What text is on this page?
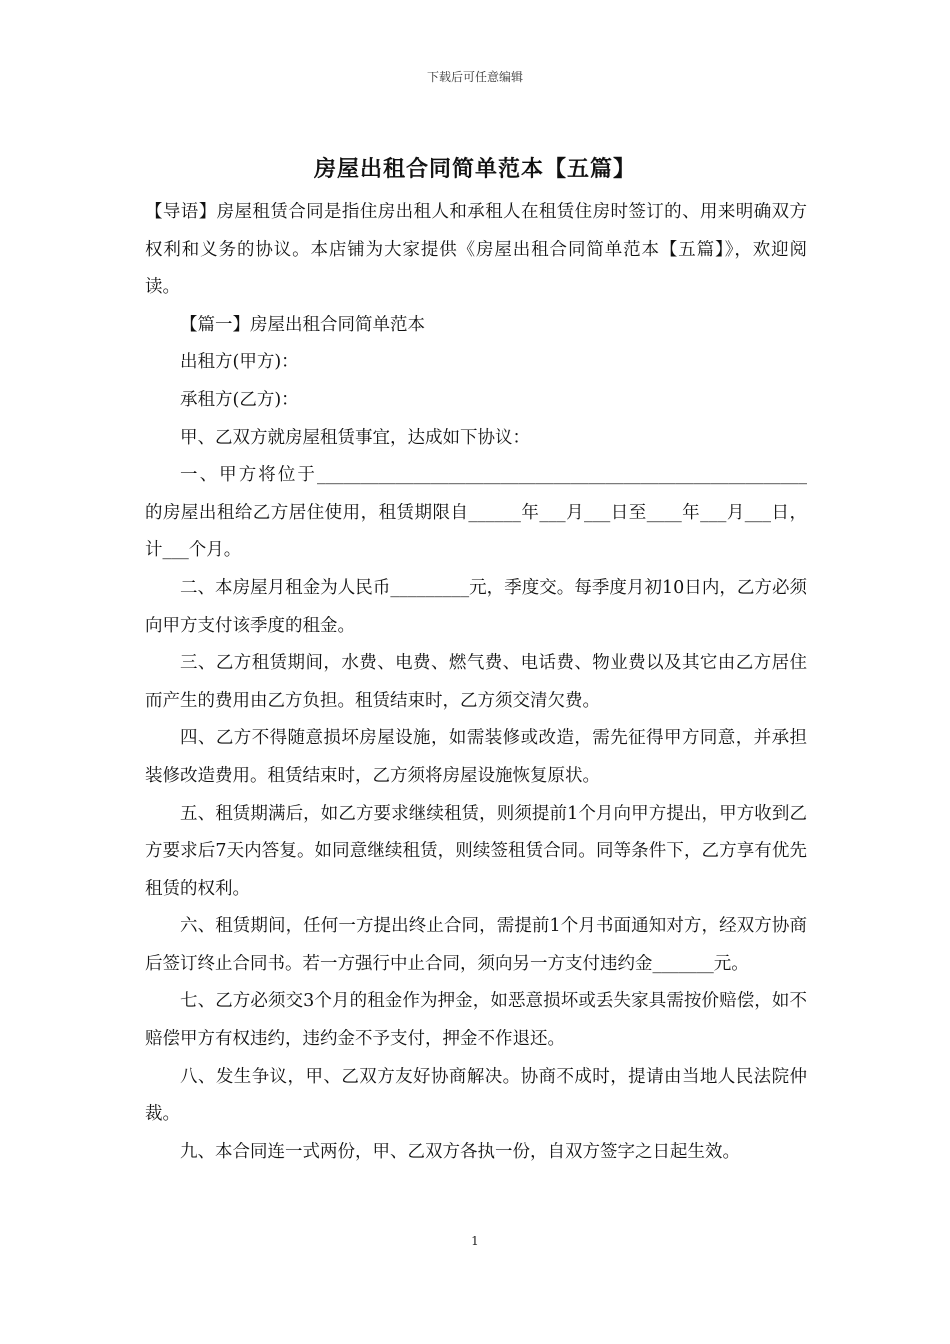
下载后可任意编辑
房屋出租合同简单范本【五篇】

【导语】房屋租赁合同是指住房出租人和承租人在租赁住房时签订的、用来明确双方权利和义务的协议。本店铺为大家提供《房屋出租合同简单范本【五篇】》，欢迎阅读。

【篇一】房屋出租合同简单范本

出租方(甲方)：

承租方(乙方)：

甲、乙双方就房屋租赁事宜，达成如下协议：

一、甲方将位于________________________________________________________的房屋出租给乙方居住使用，租赁期限自______年___月___日至____年___月___日，计___个月。

二、本房屋月租金为人民币_________元，季度交。每季度月初10日内，乙方必须向甲方支付该季度的租金。

三、乙方租赁期间，水费、电费、燃气费、电话费、物业费以及其它由乙方居住而产生的费用由乙方负担。租赁结束时，乙方须交清欠费。

四、乙方不得随意损坏房屋设施，如需装修或改造，需先征得甲方同意，并承担装修改造费用。租赁结束时，乙方须将房屋设施恢复原状。

五、租赁期满后，如乙方要求继续租赁，则须提前1个月向甲方提出，甲方收到乙方要求后7天内答复。如同意继续租赁，则续签租赁合同。同等条件下，乙方享有优先租赁的权利。

六、租赁期间，任何一方提出终止合同，需提前1个月书面通知对方，经双方协商后签订终止合同书。若一方强行中止合同，须向另一方支付违约金_______元。

七、乙方必须交3个月的租金作为押金，如恶意损坏或丢失家具需按价赔偿，如不赔偿甲方有权违约，违约金不予支付，押金不作退还。

八、发生争议，甲、乙双方友好协商解决。协商不成时，提请由当地人民法院仲裁。

九、本合同连一式两份，甲、乙双方各执一份，自双方签字之日起生效。

1
